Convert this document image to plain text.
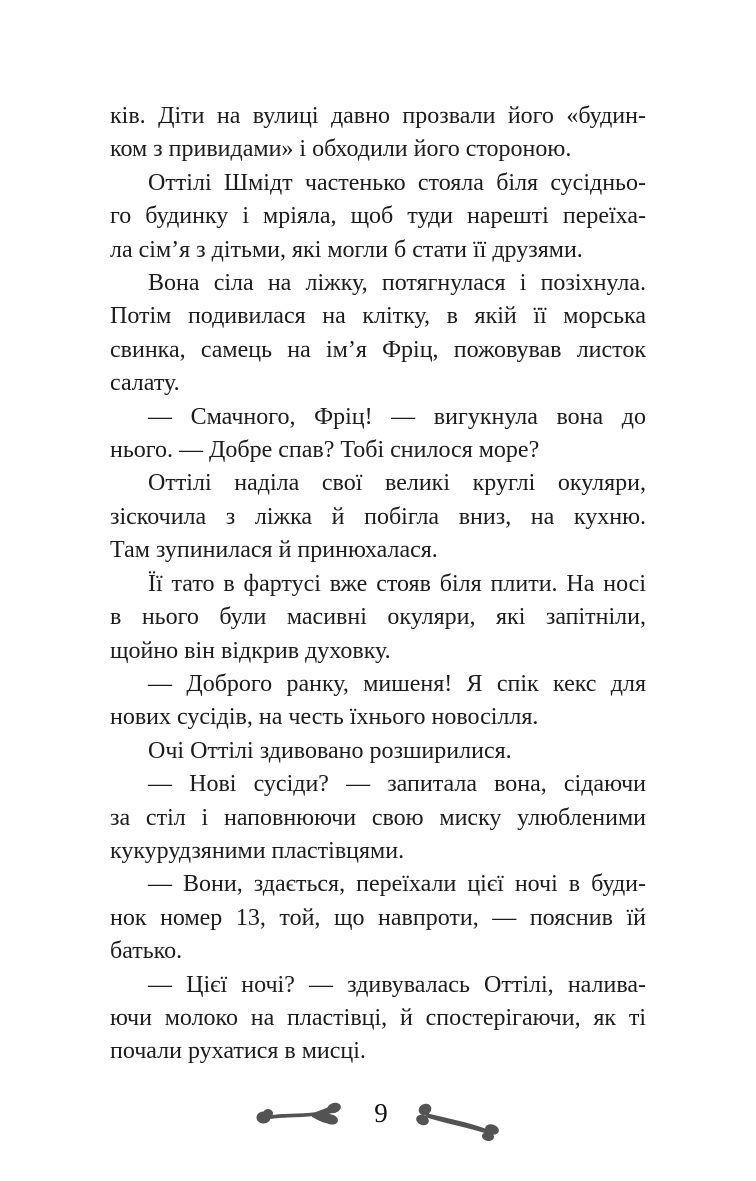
ків. Діти на вулиці давно прозвали його «будин-
ком з привидами» і обходили його стороною.
Оттілі Шмідт частенько стояла біля сусідньо-
го будинку і мріяла, щоб туди нарешті переїха-
ла сім’я з дітьми, які могли б стати її друзями.
Вона сіла на ліжку, потягнулася і позіхнула.
Потім подивилася на клітку, в якій її морська
свинка, самець на ім’я Фріц, пожовував листок
салату.
— Смачного, Фріц! — вигукнула вона до
нього. — Добре спав? Тобі снилося море?
Оттілі наділа свої великі круглі окуляри,
зіскочила з ліжка й побігла вниз, на кухню.
Там зупинилася й принюхалася.
Її тато в фартусі вже стояв біля плити. На носі
в нього були масивні окуляри, які запітніли,
щойно він відкрив духовку.
— Доброго ранку, мишеня! Я спік кекс для
нових сусідів, на честь їхнього новосілля.
Очі Оттілі здивовано розширилися.
— Нові сусіди? — запитала вона, сідаючи
за стіл і наповнюючи свою миску улюбленими
кукурудзяними пластівцями.
— Вони, здається, переїхали цієї ночі в буди-
нок номер 13, той, що навпроти, — пояснив їй
батько.
— Цієї ночі? — здивувалась Оттілі, налива-
ючи молоко на пластівці, й спостерігаючи, як ті
почали рухатися в мисці.
9
